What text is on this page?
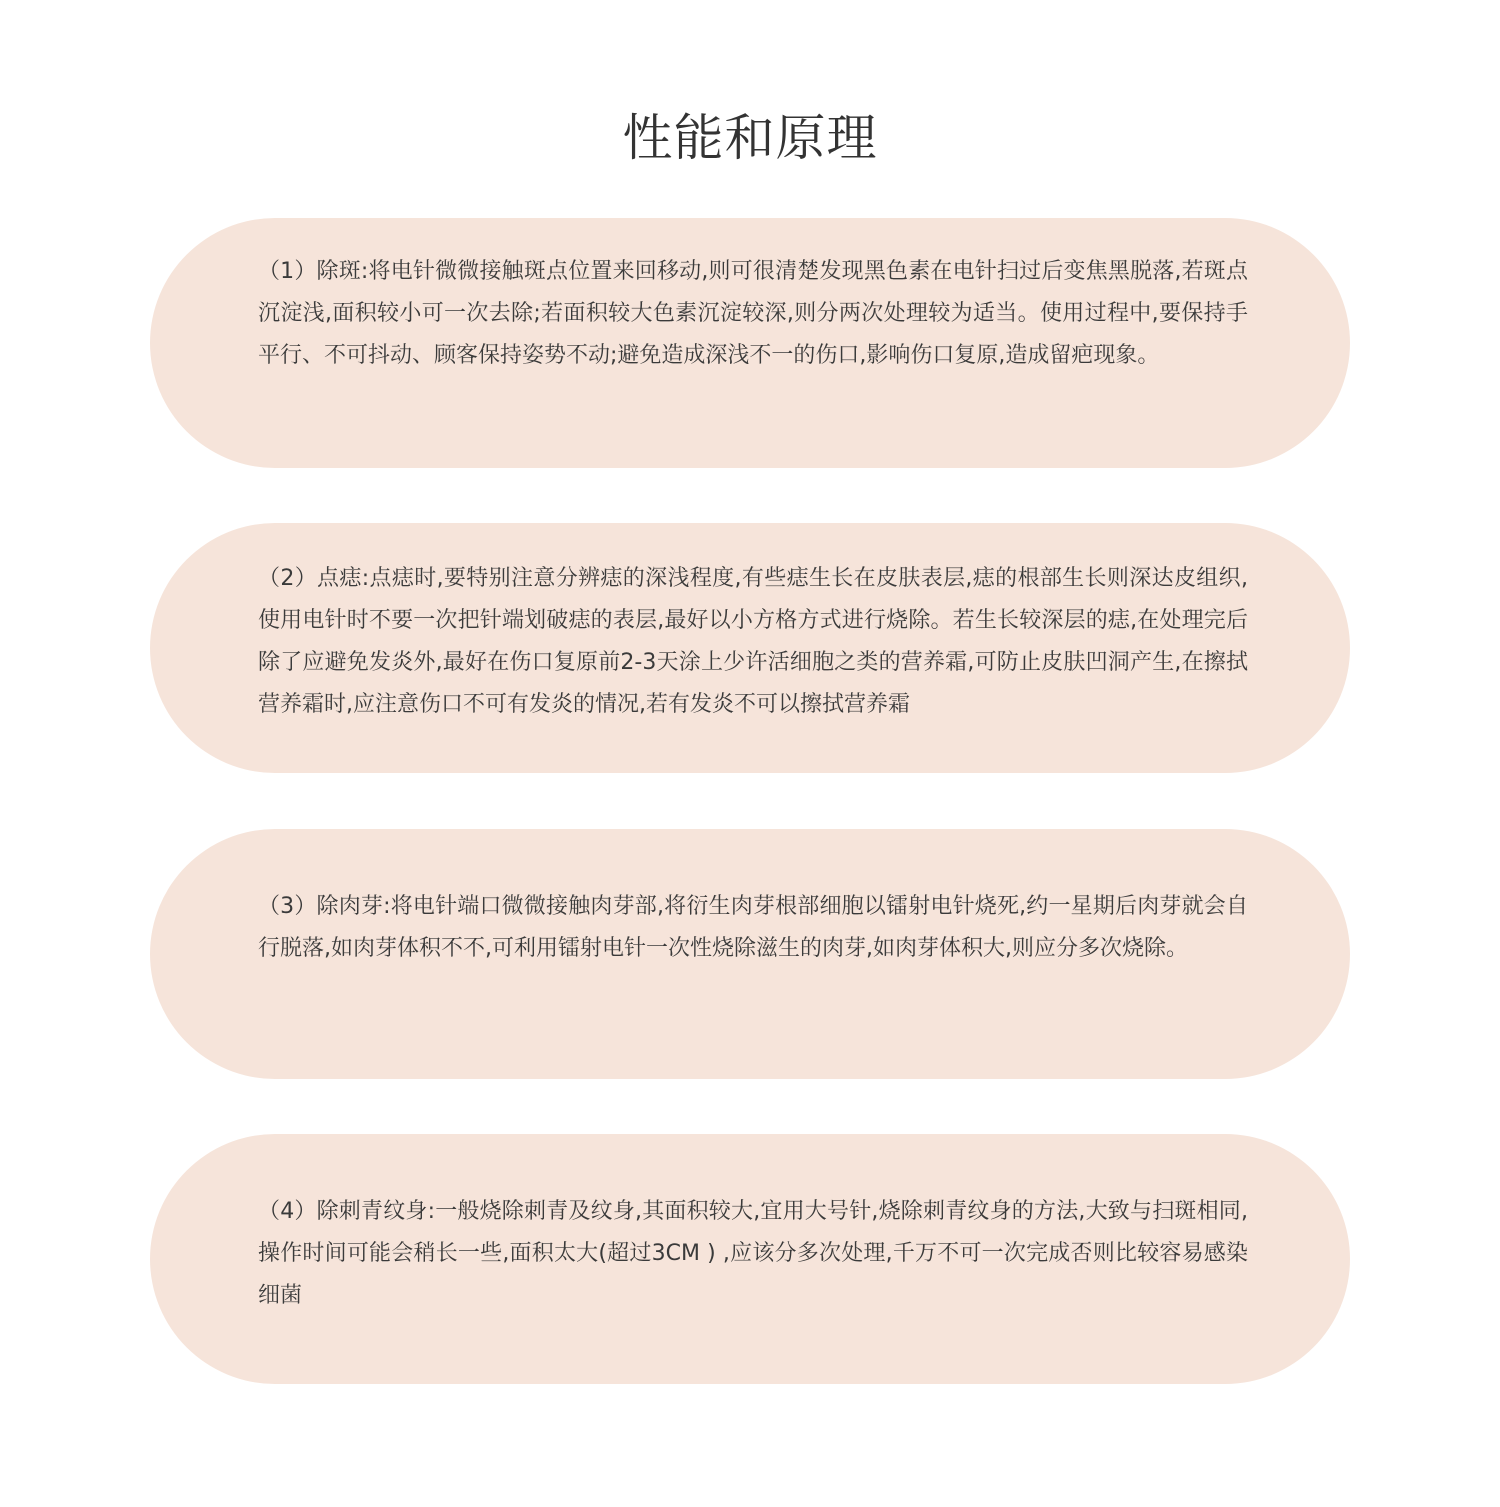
性能和原理
（1）除斑:将电针微微接触斑点位置来回移动,则可很清楚发现黑色素在电针扫过后变焦黑脱落,若斑点沉淀浅,面积较小可一次去除;若面积较大色素沉淀较深,则分两次处理较为适当。使用过程中,要保持手平行、不可抖动、顾客保持姿势不动;避免造成深浅不一的伤口,影响伤口复原,造成留疤现象。
（2）点痣:点痣时,要特别注意分辨痣的深浅程度,有些痣生长在皮肤表层,痣的根部生长则深达皮组织,使用电针时不要一次把针端划破痣的表层,最好以小方格方式进行烧除。若生长较深层的痣,在处理完后除了应避免发炎外,最好在伤口复原前2-3天涂上少许活细胞之类的营养霜,可防止皮肤凹洞产生,在擦拭营养霜时,应注意伤口不可有发炎的情况,若有发炎不可以擦拭营养霜
（3）除肉芽:将电针端口微微接触肉芽部,将衍生肉芽根部细胞以镭射电针烧死,约一星期后肉芽就会自行脱落,如肉芽体积不不,可利用镭射电针一次性烧除滋生的肉芽,如肉芽体积大,则应分多次烧除。
（4）除刺青纹身:一般烧除刺青及纹身,其面积较大,宜用大号针,烧除刺青纹身的方法,大致与扫斑相同,操作时间可能会稍长一些,面积太大(超过3CM ) ,应该分多次处理,千万不可一次完成否则比较容易感染细菌
